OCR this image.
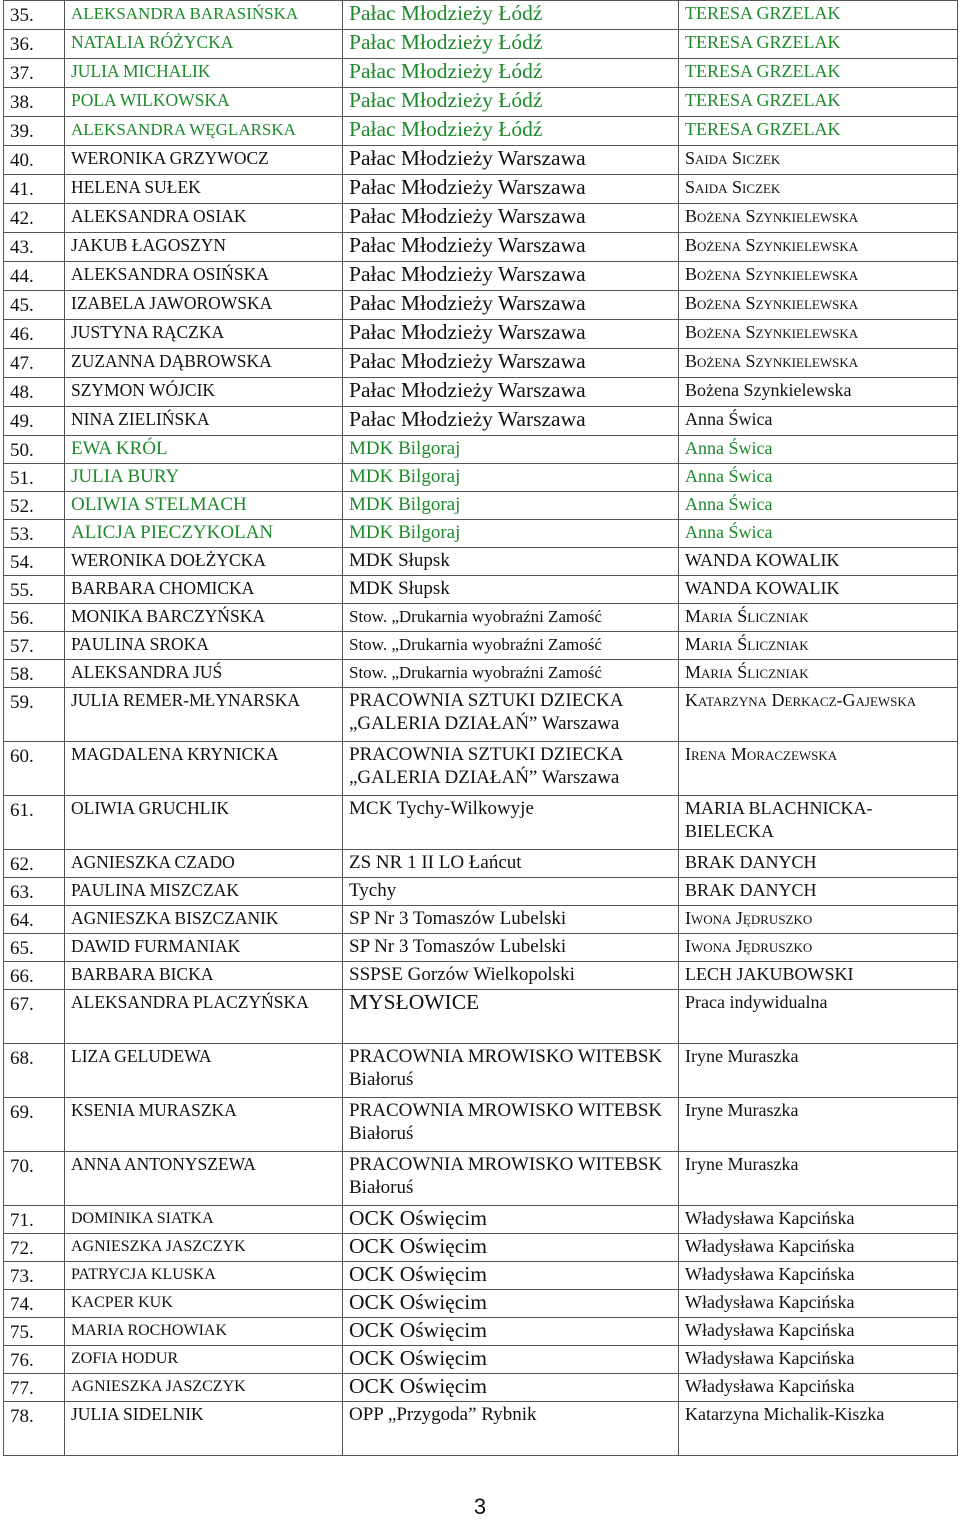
35.	ALEKSANDRA BARASIŃSKA	Pałac Młodzieży Łódź	TERESA GRZELAK
36.	NATALIA RÓŻYCKA	Pałac Młodzieży Łódź	TERESA GRZELAK
37.	JULIA MICHALIK	Pałac Młodzieży Łódź	TERESA GRZELAK
38.	POLA WILKOWSKA	Pałac Młodzieży Łódź	TERESA GRZELAK
39.	ALEKSANDRA WĘGLARSKA	Pałac Młodzieży Łódź	TERESA GRZELAK
40.	WERONIKA GRZYWOCZ	Pałac Młodzieży Warszawa	Saida Siczek
41.	HELENA SUŁEK	Pałac Młodzieży Warszawa	Saida Siczek
42.	ALEKSANDRA OSIAK	Pałac Młodzieży Warszawa	Bożena Szynkielewska
43.	JAKUB ŁAGOSZYN	Pałac Młodzieży Warszawa	Bożena Szynkielewska
44.	ALEKSANDRA OSIŃSKA	Pałac Młodzieży Warszawa	Bożena Szynkielewska
45.	IZABELA JAWOROWSKA	Pałac Młodzieży Warszawa	Bożena Szynkielewska
46.	JUSTYNA RĄCZKA	Pałac Młodzieży Warszawa	Bożena Szynkielewska
47.	ZUZANNA DĄBROWSKA	Pałac Młodzieży Warszawa	Bożena Szynkielewska
48.	SZYMON WÓJCIK	Pałac Młodzieży Warszawa	Bożena Szynkielewska
49.	NINA ZIELIŃSKA	Pałac Młodzieży Warszawa	Anna Świca
50.	EWA KRÓL	MDK Bilgoraj	Anna Świca
51.	JULIA BURY	MDK Bilgoraj	Anna Świca
52.	OLIWIA STELMACH	MDK Bilgoraj	Anna Świca
53.	ALICJA PIECZYKOLAN	MDK Bilgoraj	Anna Świca
54.	WERONIKA DOŁŻYCKA	MDK Słupsk	WANDA KOWALIK
55.	BARBARA CHOMICKA	MDK Słupsk	WANDA KOWALIK
56.	MONIKA BARCZYŃSKA	Stow. „Drukarnia wyobraźni Zamość	Maria Śliczniak
57.	PAULINA SROKA	Stow. „Drukarnia wyobraźni Zamość	Maria Śliczniak
58.	ALEKSANDRA JUŚ	Stow. „Drukarnia wyobraźni Zamość	Maria Śliczniak
59.	JULIA REMER-MŁYNARSKA	PRACOWNIA SZTUKI DZIECKA „GALERIA DZIAŁAŃ” Warszawa	Katarzyna Derkacz-Gajewska
60.	MAGDALENA KRYNICKA	PRACOWNIA SZTUKI DZIECKA „GALERIA DZIAŁAŃ” Warszawa	Irena Moraczewska
61.	OLIWIA GRUCHLIK	MCK Tychy-Wilkowyje	MARIA BLACHNICKA-BIELECKA
62.	AGNIESZKA CZADO	ZS NR 1 II LO Łańcut	BRAK DANYCH
63.	PAULINA MISZCZAK	Tychy	BRAK DANYCH
64.	AGNIESZKA BISZCZANIK	SP Nr 3 Tomaszów Lubelski	Iwona Jędruszko
65.	DAWID FURMANIAK	SP Nr 3 Tomaszów Lubelski	Iwona Jędruszko
66.	BARBARA BICKA	SSPSE Gorzów Wielkopolski	LECH JAKUBOWSKI
67.	ALEKSANDRA PLACZYŃSKA	MYSŁOWICE	Praca indywidualna
68.	LIZA GELUDEWA	PRACOWNIA MROWISKO WITEBSK Białoruś	Iryne Muraszka
69.	KSENIA MURASZKA	PRACOWNIA MROWISKO WITEBSK Białoruś	Iryne Muraszka
70.	ANNA ANTONYSZEWA	PRACOWNIA MROWISKO WITEBSK Białoruś	Iryne Muraszka
71.	DOMINIKA SIATKA	OCK Oświęcim	Władysława Kapcińska
72.	AGNIESZKA JASZCZYK	OCK Oświęcim	Władysława Kapcińska
73.	PATRYCJA KLUSKA	OCK Oświęcim	Władysława Kapcińska
74.	KACPER KUK	OCK Oświęcim	Władysława Kapcińska
75.	MARIA ROCHOWIAK	OCK Oświęcim	Władysława Kapcińska
76.	ZOFIA HODUR	OCK Oświęcim	Władysława Kapcińska
77.	AGNIESZKA JASZCZYK	OCK Oświęcim	Władysława Kapcińska
78.	JULIA SIDELNIK	OPP „Przygoda” Rybnik	Katarzyna Michalik-Kiszka
3
